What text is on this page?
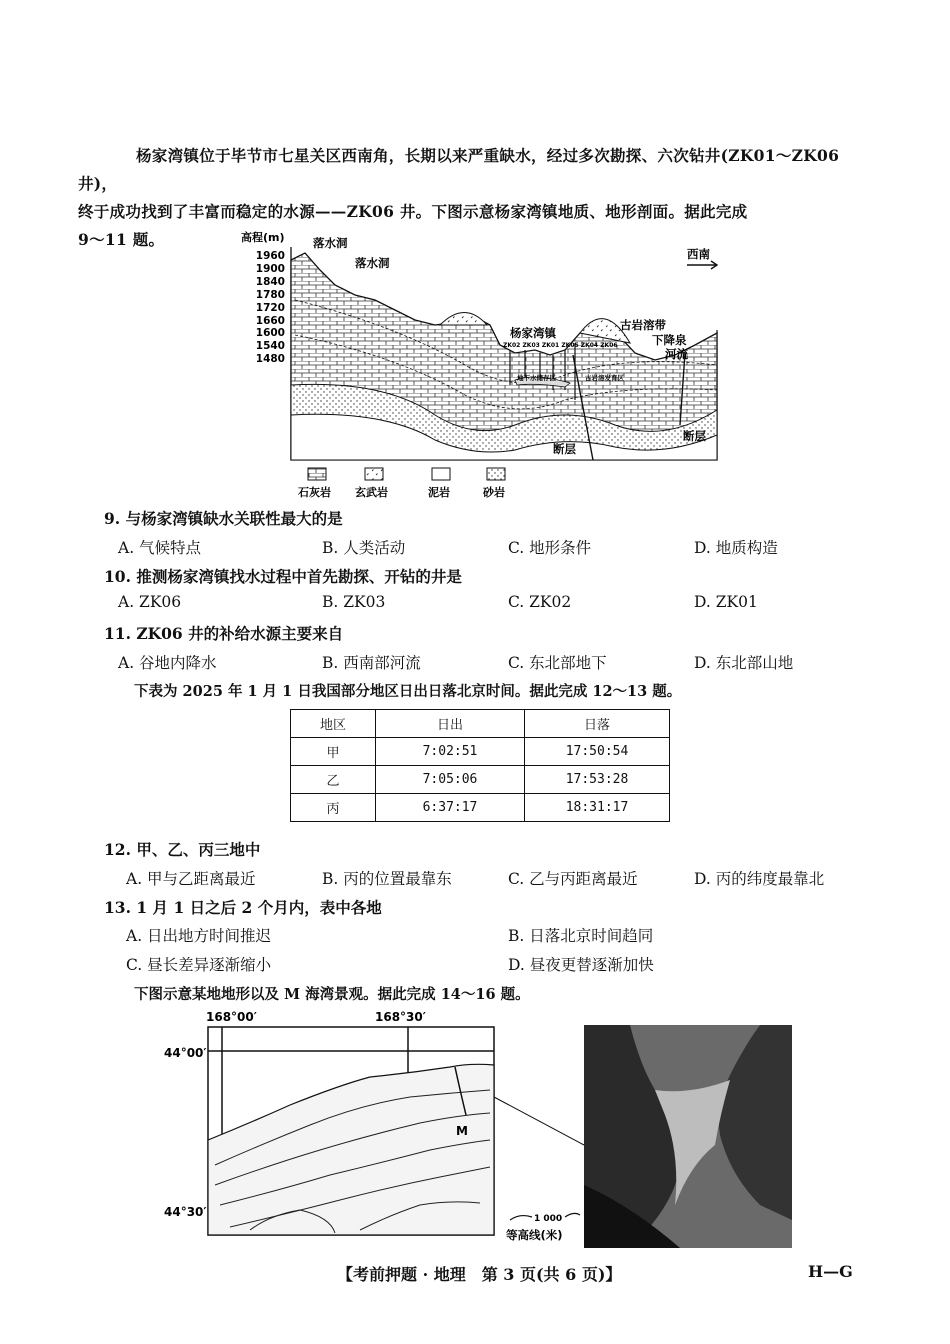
杨家湾镇位于毕节市七星关区西南角，长期以来严重缺水，经过多次勘探、六次钻井(ZK01～ZK06 井)，

终于成功找到了丰富而稳定的水源——ZK06 井。下图示意杨家湾镇地质、地形剖面。据此完成

9～11 题。	高程(m)
1960
1900
1840
1780
1720
1660
1600
1540
1480
ZK02 ZK03 ZK01 ZK05 ZK04 ZK06
落水洞
落水洞
杨家湾镇
古岩溶带
下降泉
河流
断层
断层
西南
地下水储存区	古岩溶发育区
石灰岩 玄武岩	泥岩	砂岩
9. 与杨家湾镇缺水关联性最大的是
A. 气候特点	B. 人类活动	C. 地形条件	D. 地质构造
10. 推测杨家湾镇找水过程中首先勘探、开钻的井是
A. ZK06	B. ZK03	C. ZK02	D. ZK01
11. ZK06 井的补给水源主要来自
A. 谷地内降水	B. 西南部河流	C. 东北部地下	D. 东北部山地
下表为 2025 年 1 月 1 日我国部分地区日出日落北京时间。据此完成 12～13 题。
地区	日出	日落
甲	7:02:51	17:50:54
乙	7:05:06	17:53:28
丙	6:37:17	18:31:17
12. 甲、乙、丙三地中
A. 甲与乙距离最近	B. 丙的位置最靠东	C. 乙与丙距离最近	D. 丙的纬度最靠北
13. 1 月 1 日之后 2 个月内，表中各地
A. 日出地方时间推迟	B. 日落北京时间趋同
C. 昼长差异逐渐缩小	D. 昼夜更替逐渐加快
下图示意某地地形以及 M 海湾景观。据此完成 14～16 题。
168°00′	168°30′
44°00′
44°30′
M
1 000
等高线(米)
【考前押题 · 地理　第 3 页(共 6 页)】	H—G
